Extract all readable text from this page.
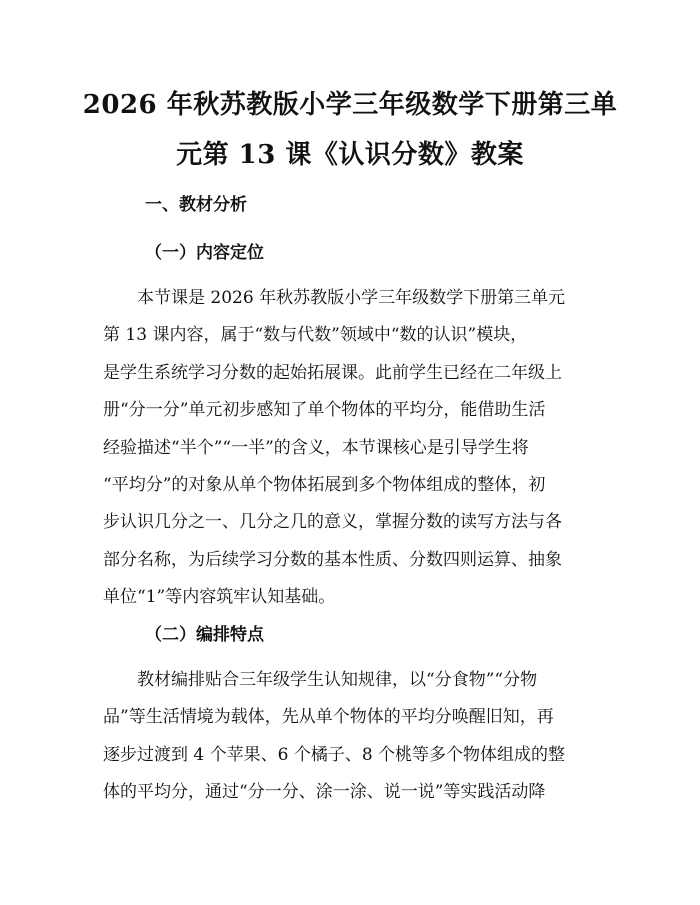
2026 年秋苏教版小学三年级数学下册第三单
元第 13 课《认识分数》教案
一、教材分析
（一）内容定位
本节课是 2026 年秋苏教版小学三年级数学下册第三单元
第 13 课内容，属于“数与代数”领域中“数的认识”模块，
是学生系统学习分数的起始拓展课。此前学生已经在二年级上
册“分一分”单元初步感知了单个物体的平均分，能借助生活
经验描述“半个”“一半”的含义，本节课核心是引导学生将
“平均分”的对象从单个物体拓展到多个物体组成的整体，初
步认识几分之一、几分之几的意义，掌握分数的读写方法与各
部分名称，为后续学习分数的基本性质、分数四则运算、抽象
单位“1”等内容筑牢认知基础。
（二）编排特点
教材编排贴合三年级学生认知规律，以“分食物”“分物
品”等生活情境为载体，先从单个物体的平均分唤醒旧知，再
逐步过渡到 4 个苹果、6 个橘子、8 个桃等多个物体组成的整
体的平均分，通过“分一分、涂一涂、说一说”等实践活动降
